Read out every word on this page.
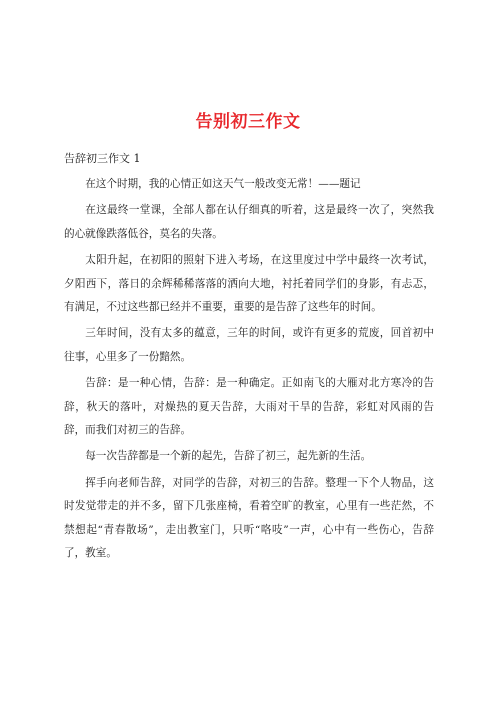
告别初三作文
告辞初三作文 1

在这个时期，我的心情正如这天气一般改变无常！——题记

在这最终一堂课，全部人都在认仔细真的听着，这是最终一次了，突然我的心就像跌落低谷，莫名的失落。

太阳升起，在初阳的照射下进入考场，在这里度过中学中最终一次考试，夕阳西下，落日的余辉稀稀落落的洒向大地，衬托着同学们的身影，有忐忑，有满足，不过这些都已经并不重要，重要的是告辞了这些年的时间。

三年时间，没有太多的蕴意，三年的时间，或许有更多的荒废，回首初中往事，心里多了一份黯然。

告辞：是一种心情，告辞：是一种确定。正如南飞的大雁对北方寒冷的告辞，秋天的落叶，对燥热的夏天告辞，大雨对干旱的告辞，彩虹对风雨的告辞，而我们对初三的告辞。

每一次告辞都是一个新的起先，告辞了初三，起先新的生活。

挥手向老师告辞，对同学的告辞，对初三的告辞。整理一下个人物品，这时发觉带走的并不多，留下几张座椅，看着空旷的教室，心里有一些茫然，不禁想起“青春散场”，走出教室门，只听“咯吱”一声，心中有一些伤心，告辞了，教室。
